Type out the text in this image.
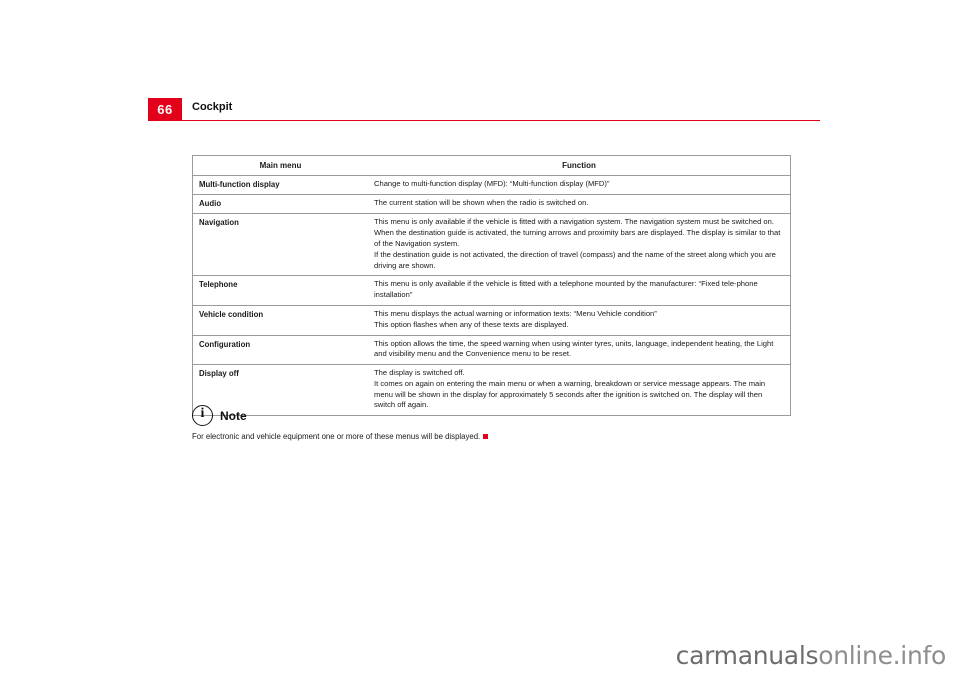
66	Cockpit
Main menu	Function
Multi-function display	Change to multi-function display (MFD): “Multi-function display (MFD)”

Audio	The current station will be shown when the radio is switched on.

Navigation	This menu is only available if the vehicle is fitted with a navigation system. The navigation system must be switched on. When the destination guide is activated, the turning arrows and proximity bars are displayed. The display is similar to that of the Navigation system.

If the destination guide is not activated, the direction of travel (compass) and the name of the street along which you are driving are shown.

Telephone	This menu is only available if the vehicle is fitted with a telephone mounted by the manufacturer: “Fixed tele-phone installation”

Vehicle condition	This menu displays the actual warning or information texts: “Menu Vehicle condition”

This option flashes when any of these texts are displayed.

Configuration	This option allows the time, the speed warning when using winter tyres, units, language, independent heating, the Light and visibility menu and the Convenience menu to be reset.

Display off	The display is switched off.

It comes on again on entering the main menu or when a warning, breakdown or service message appears. The main menu will be shown in the display for approximately 5 seconds after the ignition is switched on. The display will then switch off again.

i
Note
For electronic and vehicle equipment one or more of these menus will be displayed.
carmanualsonline.info
